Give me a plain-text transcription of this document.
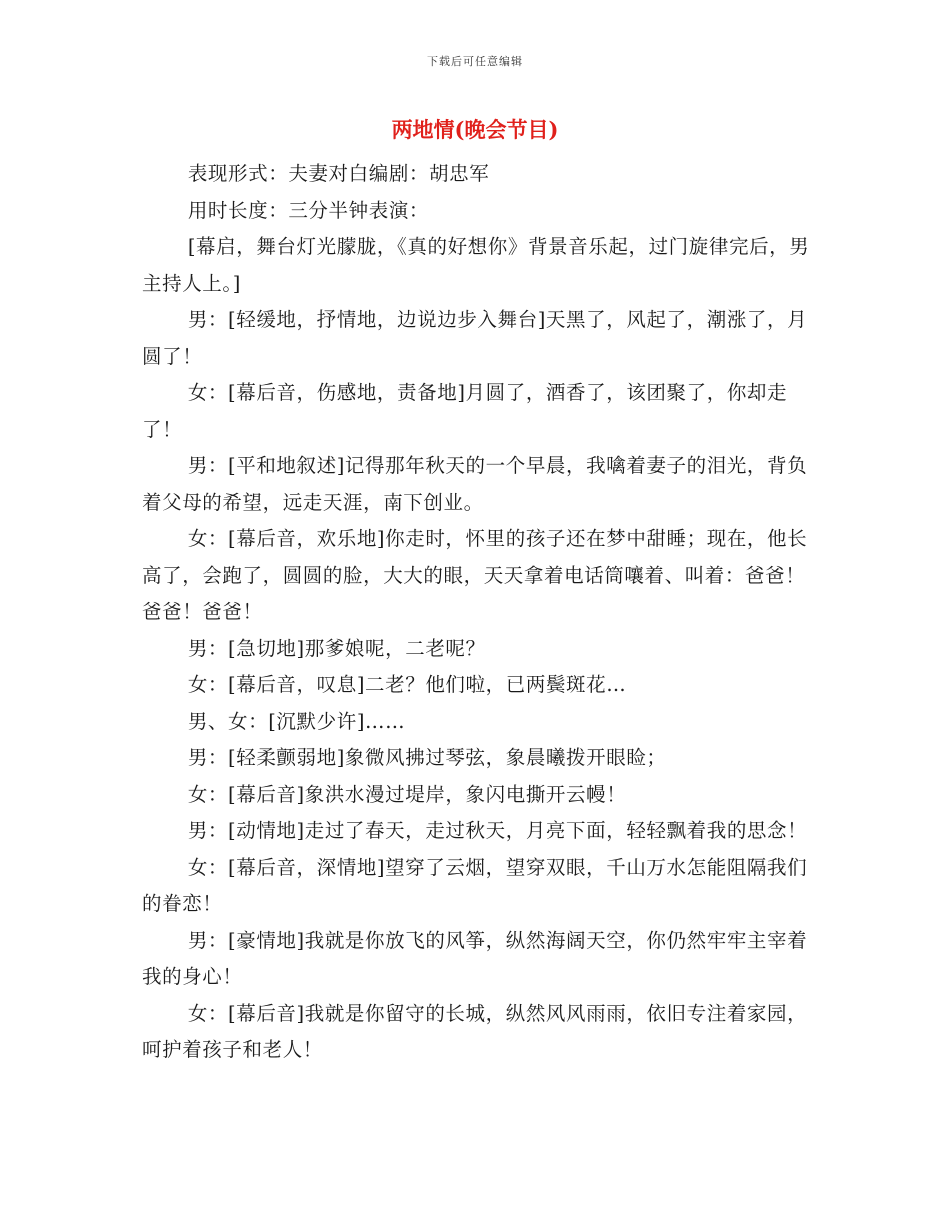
下载后可任意编辑
两地情(晚会节目)

表现形式：夫妻对白编剧：胡忠军

用时长度：三分半钟表演：

[幕启，舞台灯光朦胧，《真的好想你》背景音乐起，过门旋律完后，男主持人上。]

男：[轻缓地，抒情地，边说边步入舞台]天黑了，风起了，潮涨了，月圆了！

女：[幕后音，伤感地，责备地]月圆了，酒香了，该团聚了，你却走了！

男：[平和地叙述]记得那年秋天的一个早晨，我噙着妻子的泪光，背负着父母的希望，远走天涯，南下创业。

女：[幕后音，欢乐地]你走时，怀里的孩子还在梦中甜睡；现在，他长高了，会跑了，圆圆的脸，大大的眼，天天拿着电话筒嚷着、叫着：爸爸！爸爸！爸爸！

男：[急切地]那爹娘呢，二老呢？

女：[幕后音，叹息]二老？他们啦，已两鬓斑花…

男、女：[沉默少许]……

男：[轻柔颤弱地]象微风拂过琴弦，象晨曦拨开眼睑；

女：[幕后音]象洪水漫过堤岸，象闪电撕开云幔！

男：[动情地]走过了春天，走过秋天，月亮下面，轻轻飘着我的思念！

女：[幕后音，深情地]望穿了云烟，望穿双眼，千山万水怎能阻隔我们的眷恋！

男：[豪情地]我就是你放飞的风筝，纵然海阔天空，你仍然牢牢主宰着我的身心！

女：[幕后音]我就是你留守的长城，纵然风风雨雨，依旧专注着家园，呵护着孩子和老人！
